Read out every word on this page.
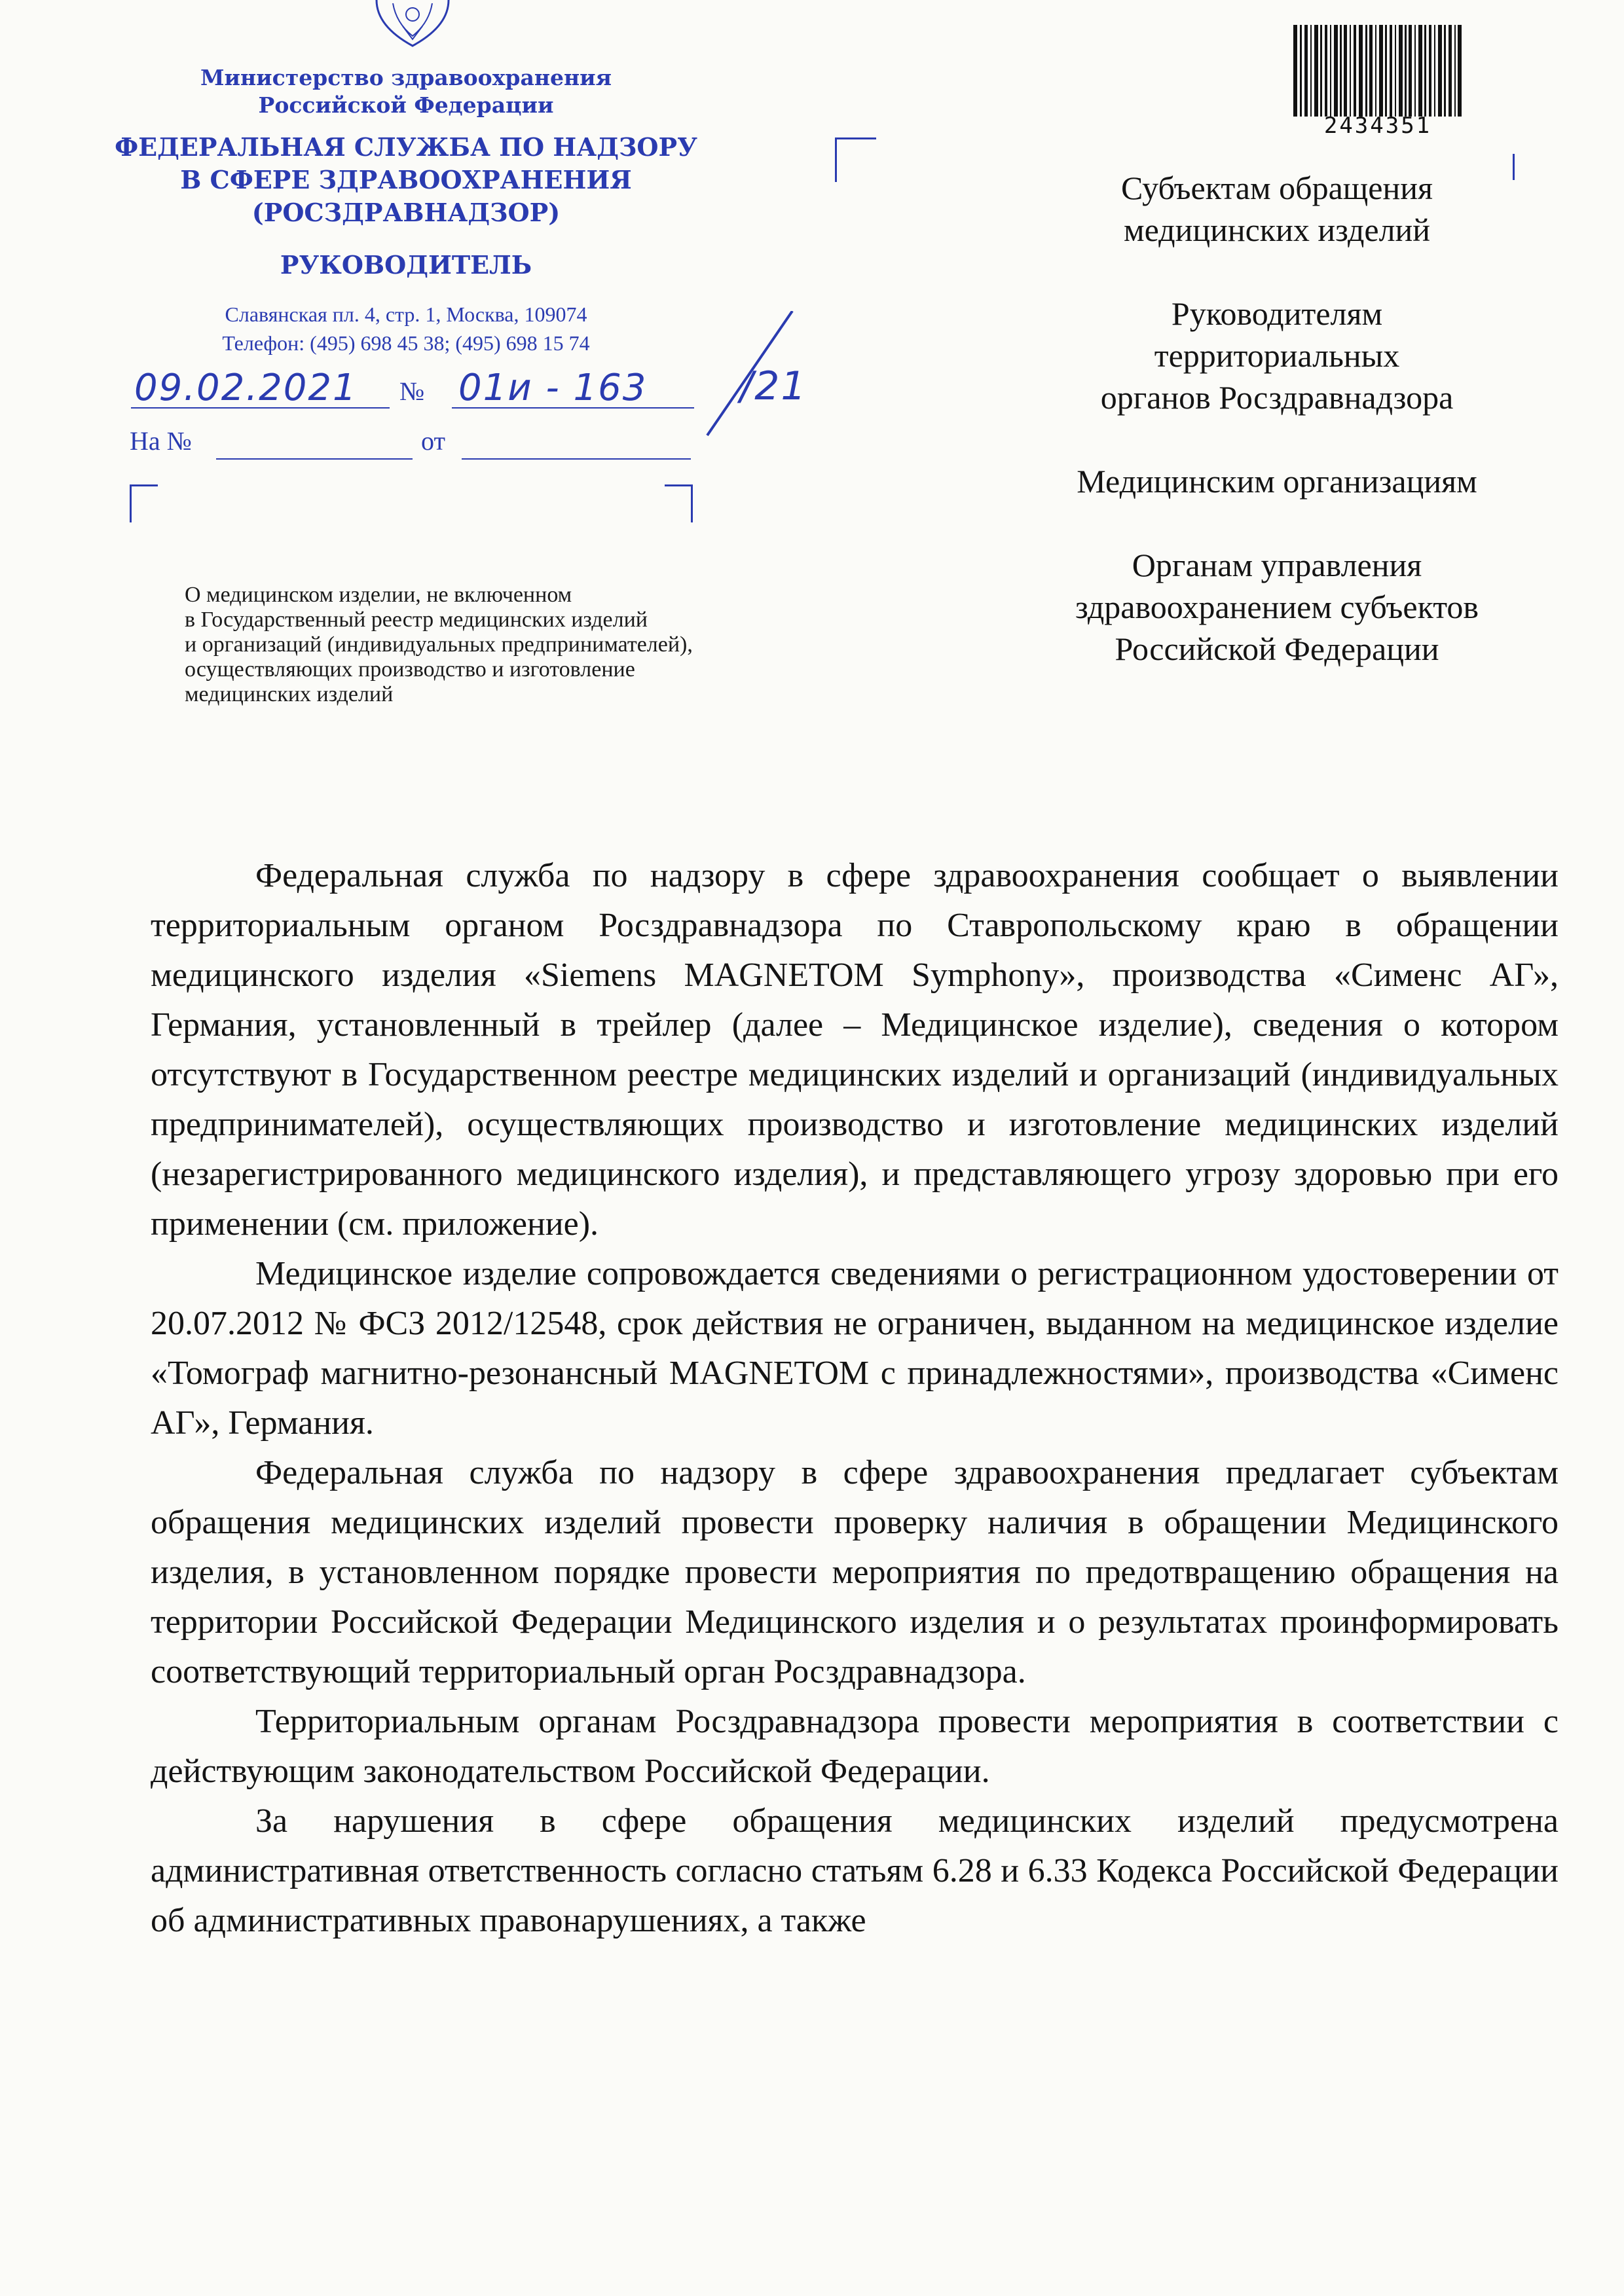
Министерство здравоохранения
Российской Федерации
ФЕДЕРАЛЬНАЯ СЛУЖБА ПО НАДЗОРУ
В СФЕРЕ ЗДРАВООХРАНЕНИЯ
(РОСЗДРАВНАДЗОР)
РУКОВОДИТЕЛЬ
Славянская пл. 4, стр. 1, Москва, 109074
Телефон: (495) 698 45 38; (495) 698 15 74
09.02.2021 № 01и - 163 /21
На №	от
О медицинском изделии, не включенном
в Государственный реестр медицинских изделий
и организаций (индивидуальных предпринимателей),
осуществляющих производство и изготовление
медицинских изделий
2434351
Субъектам обращения
медицинских изделий
Руководителям
территориальных
органов Росздравнадзора
Медицинским организациям
Органам управления
здравоохранением субъектов
Российской Федерации

Федеральная служба по надзору в сфере здравоохранения сообщает о выявлении территориальным органом Росздравнадзора по Ставропольскому краю в обращении медицинского изделия «Siemens MAGNETOM Symphony», производства «Сименс АГ», Германия, установленный в трейлер (далее – Медицинское изделие), сведения о котором отсутствуют в Государственном реестре медицинских изделий и организаций (индивидуальных предпринимателей), осуществляющих производство и изготовление медицинских изделий (незарегистрированного медицинского изделия), и представляющего угрозу здоровью при его применении (см. приложение).

Медицинское изделие сопровождается сведениями о регистрационном удостоверении от 20.07.2012 № ФСЗ 2012/12548, срок действия не ограничен, выданном на медицинское изделие «Томограф магнитно-резонансный MAGNETOM с принадлежностями», производства «Сименс АГ», Германия.

Федеральная служба по надзору в сфере здравоохранения предлагает субъектам обращения медицинских изделий провести проверку наличия в обращении Медицинского изделия, в установленном порядке провести мероприятия по предотвращению обращения на территории Российской Федерации Медицинского изделия и о результатах проинформировать соответствующий территориальный орган Росздравнадзора.

Территориальным органам Росздравнадзора провести мероприятия в соответствии с действующим законодательством Российской Федерации.

За нарушения в сфере обращения медицинских изделий предусмотрена административная ответственность согласно статьям 6.28 и 6.33 Кодекса Российской Федерации об административных правонарушениях, а также
